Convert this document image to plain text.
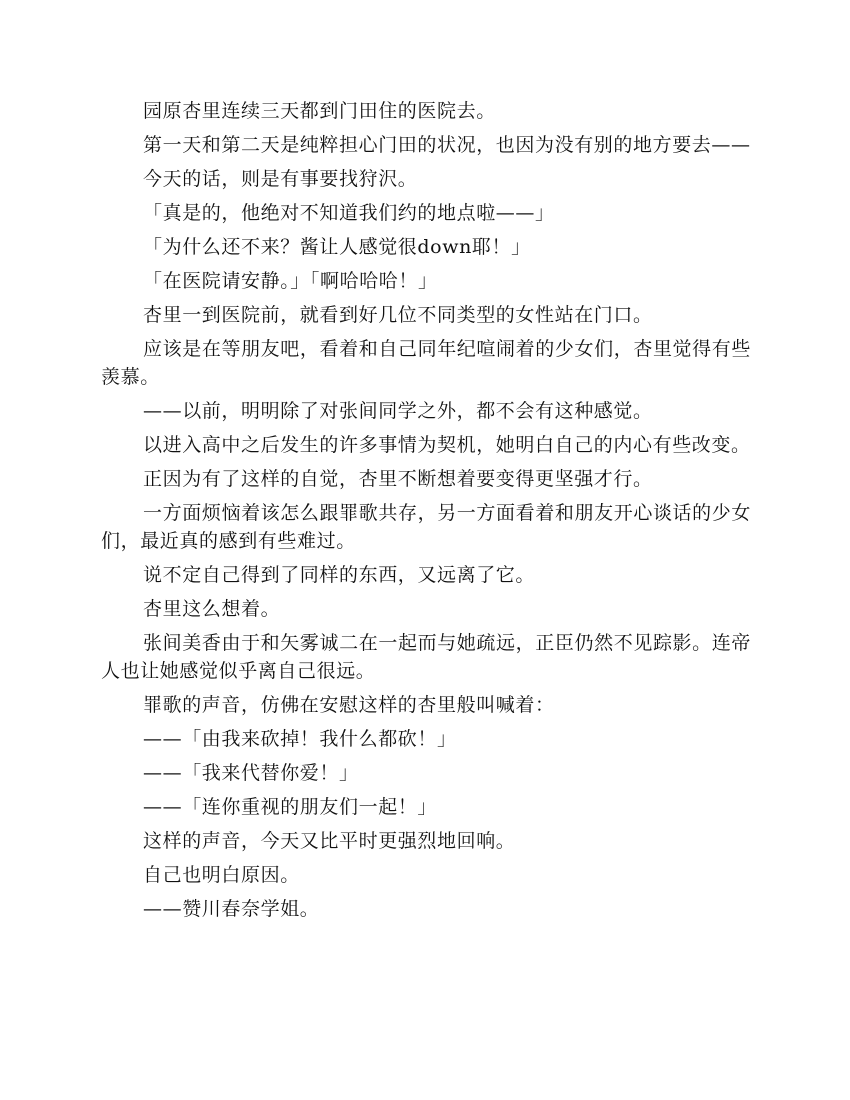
园原杏里连续三天都到门田住的医院去。

第一天和第二天是纯粹担心门田的状况，也因为没有别的地方要去——

今天的话，则是有事要找狩沢。

「真是的，他绝对不知道我们约的地点啦——」

「为什么还不来？酱让人感觉很down耶！」

「在医院请安静。」「啊哈哈哈！」

杏里一到医院前，就看到好几位不同类型的女性站在门口。

应该是在等朋友吧，看着和自己同年纪喧闹着的少女们，杏里觉得有些羡慕。

——以前，明明除了对张间同学之外，都不会有这种感觉。

以进入高中之后发生的许多事情为契机，她明白自己的内心有些改变。

正因为有了这样的自觉，杏里不断想着要变得更坚强才行。

一方面烦恼着该怎么跟罪歌共存，另一方面看着和朋友开心谈话的少女们，最近真的感到有些难过。

说不定自己得到了同样的东西，又远离了它。

杏里这么想着。

张间美香由于和矢雾诚二在一起而与她疏远，正臣仍然不见踪影。连帝人也让她感觉似乎离自己很远。

罪歌的声音，仿佛在安慰这样的杏里般叫喊着：

——「由我来砍掉！我什么都砍！」

——「我来代替你爱！」

——「连你重视的朋友们一起！」

这样的声音，今天又比平时更强烈地回响。

自己也明白原因。

——赞川春奈学姐。
